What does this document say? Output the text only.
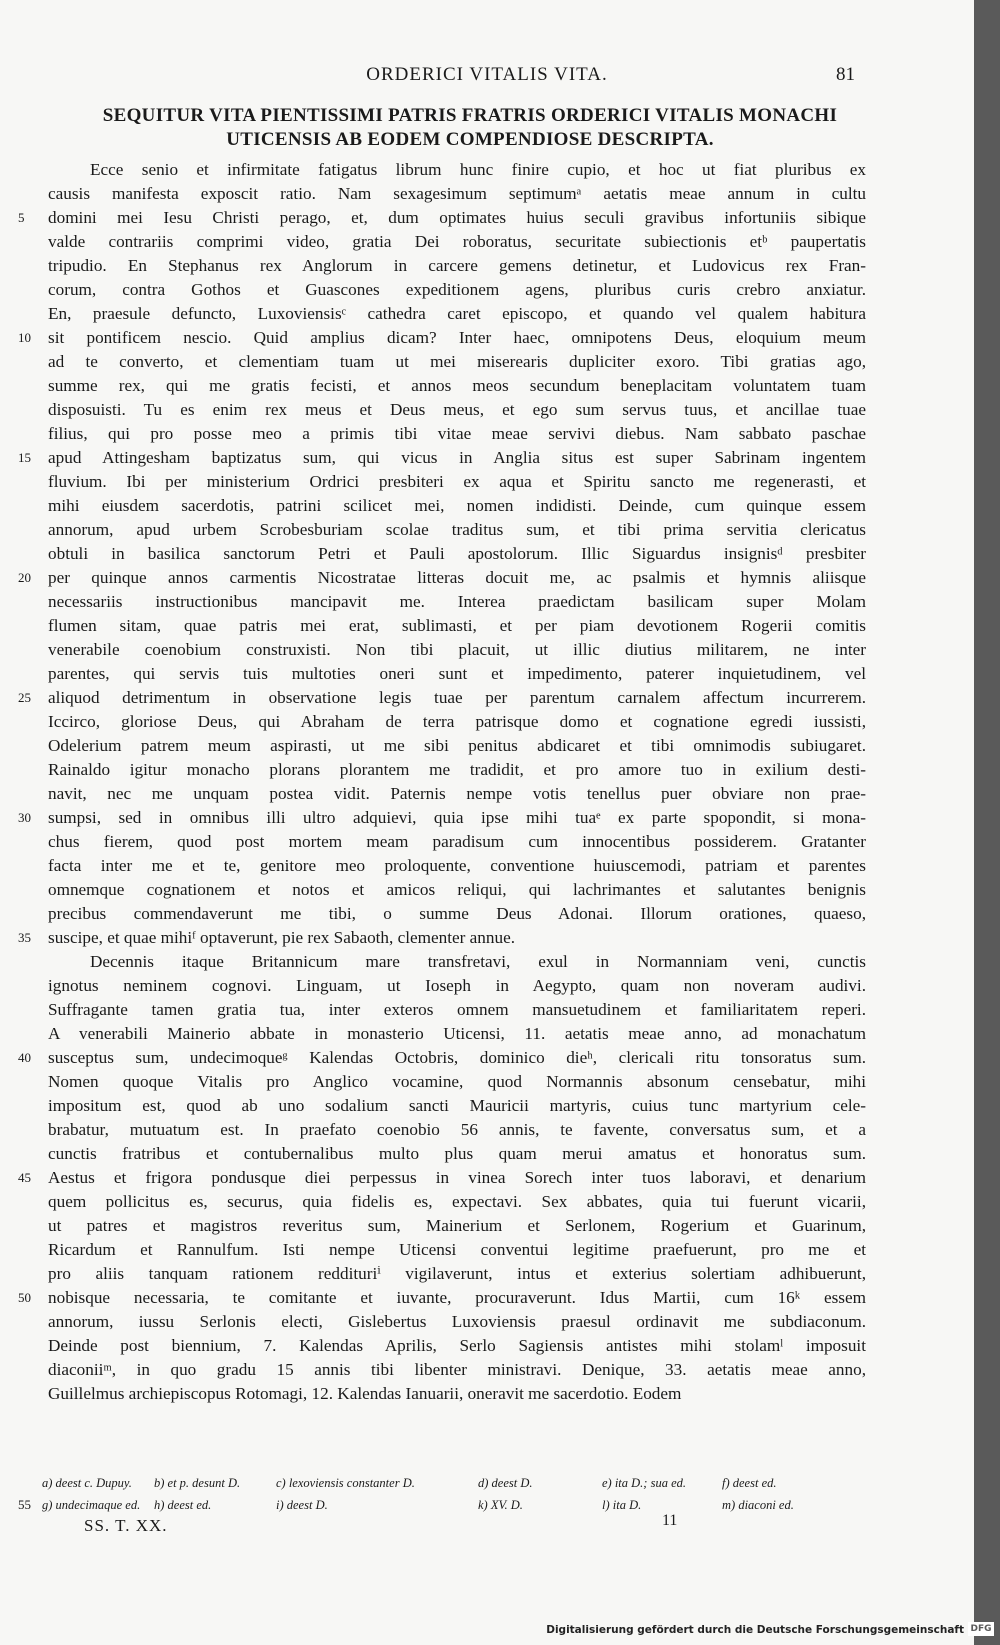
ORDERICI VITALIS VITA.	81
SEQUITUR VITA PIENTISSIMI PATRIS FRATRIS ORDERICI VITALIS MONACHI
UTICENSIS AB EODEM COMPENDIOSE DESCRIPTA.
Ecce senio et infirmitate fatigatus librum hunc finire cupio, et hoc ut fiat pluribus ex
causis manifesta exposcit ratio. Nam sexagesimum septimumᵃ aetatis meae annum in cultu
domini mei Iesu Christi perago, et, dum optimates huius seculi gravibus infortuniis sibique
5
valde contrariis comprimi video, gratia Dei roboratus, securitate subiectionis etᵇ paupertatis
tripudio. En Stephanus rex Anglorum in carcere gemens detinetur, et Ludovicus rex Fran-
corum, contra Gothos et Guascones expeditionem agens, pluribus curis crebro anxiatur.
En, praesule defuncto, Luxoviensisᶜ cathedra caret episcopo, et quando vel qualem habitura
sit pontificem nescio. Quid amplius dicam? Inter haec, omnipotens Deus, eloquium meum
10
ad te converto, et clementiam tuam ut mei miserearis dupliciter exoro. Tibi gratias ago,
summe rex, qui me gratis fecisti, et annos meos secundum beneplacitam voluntatem tuam
disposuisti. Tu es enim rex meus et Deus meus, et ego sum servus tuus, et ancillae tuae
filius, qui pro posse meo a primis tibi vitae meae servivi diebus. Nam sabbato paschae
apud Attingesham baptizatus sum, qui vicus in Anglia situs est super Sabrinam ingentem
15
fluvium. Ibi per ministerium Ordrici presbiteri ex aqua et Spiritu sancto me regenerasti, et
mihi eiusdem sacerdotis, patrini scilicet mei, nomen indidisti. Deinde, cum quinque essem
annorum, apud urbem Scrobesburiam scolae traditus sum, et tibi prima servitia clericatus
obtuli in basilica sanctorum Petri et Pauli apostolorum. Illic Siguardus insignisᵈ presbiter
per quinque annos carmentis Nicostratae litteras docuit me, ac psalmis et hymnis aliisque
20
necessariis instructionibus mancipavit me. Interea praedictam basilicam super Molam
flumen sitam, quae patris mei erat, sublimasti, et per piam devotionem Rogerii comitis
venerabile coenobium construxisti. Non tibi placuit, ut illic diutius militarem, ne inter
parentes, qui servis tuis multoties oneri sunt et impedimento, paterer inquietudinem, vel
aliquod detrimentum in observatione legis tuae per parentum carnalem affectum incurrerem.
25
Iccirco, gloriose Deus, qui Abraham de terra patrisque domo et cognatione egredi iussisti,
Odelerium patrem meum aspirasti, ut me sibi penitus abdicaret et tibi omnimodis subiugaret.
Rainaldo igitur monacho plorans plorantem me tradidit, et pro amore tuo in exilium desti-
navit, nec me unquam postea vidit. Paternis nempe votis tenellus puer obviare non prae-
sumpsi, sed in omnibus illi ultro adquievi, quia ipse mihi tuaᵉ ex parte spopondit, si mona-
30
chus fierem, quod post mortem meam paradisum cum innocentibus possiderem. Gratanter
facta inter me et te, genitore meo proloquente, conventione huiuscemodi, patriam et parentes
omnemque cognationem et notos et amicos reliqui, qui lachrimantes et salutantes benignis
precibus commendaverunt me tibi, o summe Deus Adonai. Illorum orationes, quaeso,
suscipe, et quae mihiᶠ optaverunt, pie rex Sabaoth, clementer annue.
35
Decennis itaque Britannicum mare transfretavi, exul in Normanniam veni, cunctis
ignotus neminem cognovi. Linguam, ut Ioseph in Aegypto, quam non noveram audivi.
Suffragante tamen gratia tua, inter exteros omnem mansuetudinem et familiaritatem reperi.
A venerabili Mainerio abbate in monasterio Uticensi, 11. aetatis meae anno, ad monachatum
susceptus sum, undecimoqueᵍ Kalendas Octobris, dominico dieʰ, clericali ritu tonsoratus sum.
40
Nomen quoque Vitalis pro Anglico vocamine, quod Normannis absonum censebatur, mihi
impositum est, quod ab uno sodalium sancti Mauricii martyris, cuius tunc martyrium cele-
brabatur, mutuatum est. In praefato coenobio 56 annis, te favente, conversatus sum, et a
cunctis fratribus et contubernalibus multo plus quam merui amatus et honoratus sum.
Aestus et frigora pondusque diei perpessus in vinea Sorech inter tuos laboravi, et denarium
45
quem pollicitus es, securus, quia fidelis es, expectavi. Sex abbates, quia tui fuerunt vicarii,
ut patres et magistros reveritus sum, Mainerium et Serlonem, Rogerium et Guarinum,
Ricardum et Rannulfum. Isti nempe Uticensi conventui legitime praefuerunt, pro me et
pro aliis tanquam rationem reddituriⁱ vigilaverunt, intus et exterius solertiam adhibuerunt,
nobisque necessaria, te comitante et iuvante, procuraverunt. Idus Martii, cum 16ᵏ essem
50
annorum, iussu Serlonis electi, Gislebertus Luxoviensis praesul ordinavit me subdiaconum.
Deinde post biennium, 7. Kalendas Aprilis, Serlo Sagiensis antistes mihi stolamˡ imposuit
diaconiiᵐ, in quo gradu 15 annis tibi libenter ministravi. Denique, 33. aetatis meae anno,
Guillelmus archiepiscopus Rotomagi, 12. Kalendas Ianuarii, oneravit me sacerdotio. Eodem
a) deest c. Dupuy. b) et p. desunt D.	c) lexoviensis constanter D.	d) deest D.	e) ita D.; sua ed.	f) deest ed.
55 g) undecimaque ed. h) deest ed.	i) deest D.	k) XV. D.	l) ita D.	m) diaconi ed.
SS. T. XX.	11
Digitalisierung gefördert durch die Deutsche Forschungsgemeinschaft DFG
